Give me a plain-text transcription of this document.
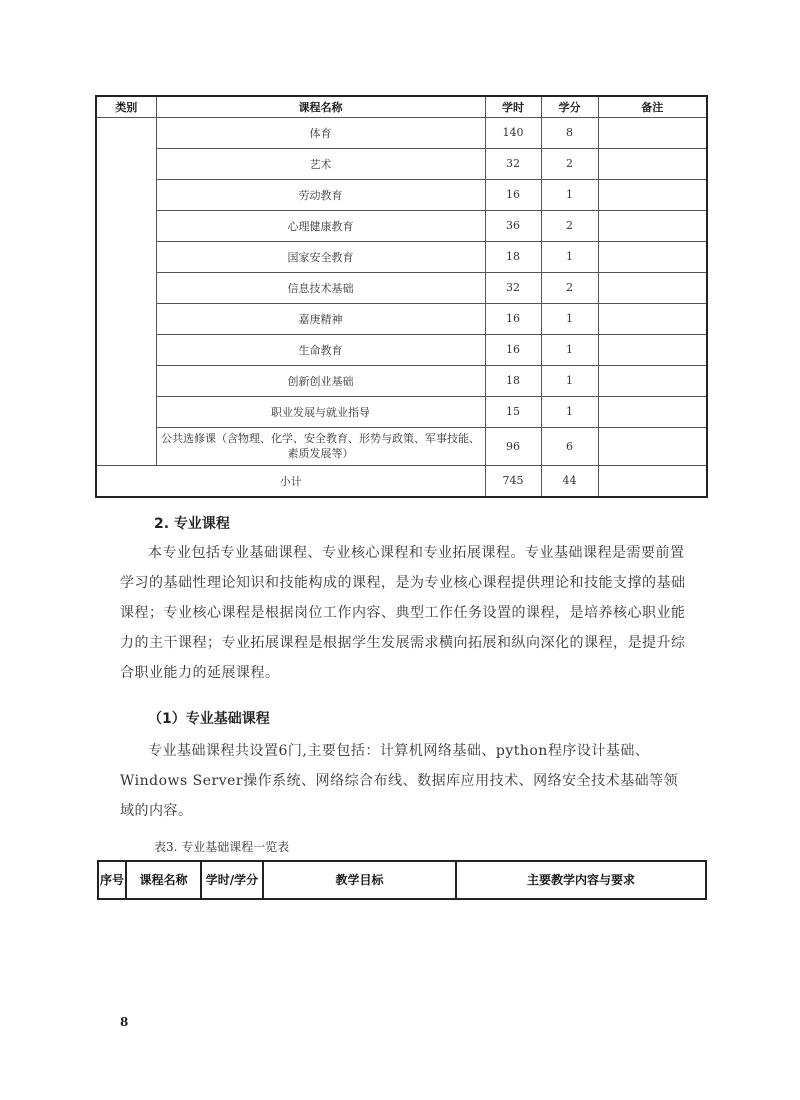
类别	课程名称	学时	学分	备注
	体育	140	8	
	艺术	32	2	
	劳动教育	16	1	
	心理健康教育	36	2	
	国家安全教育	18	1	
	信息技术基础	32	2	
	嘉庚精神	16	1	
	生命教育	16	1	
	创新创业基础	18	1	
	职业发展与就业指导	15	1	
	公共选修课（含物理、化学、安全教育、形势与政策、军事技能、素质发展等）	96	6	
小计		745	44	
2. 专业课程

本专业包括专业基础课程、专业核心课程和专业拓展课程。专业基础课程是需要前置学习的基础性理论知识和技能构成的课程，是为专业核心课程提供理论和技能支撑的基础课程；专业核心课程是根据岗位工作内容、典型工作任务设置的课程，是培养核心职业能力的主干课程；专业拓展课程是根据学生发展需求横向拓展和纵向深化的课程，是提升综合职业能力的延展课程。

（1）专业基础课程

专业基础课程共设置6门,主要包括：计算机网络基础、python程序设计基础、Windows Server操作系统、网络综合布线、数据库应用技术、网络安全技术基础等领域的内容。

表3. 专业基础课程一览表
序号	课程名称	学时/学分	教学目标	主要教学内容与要求
8
